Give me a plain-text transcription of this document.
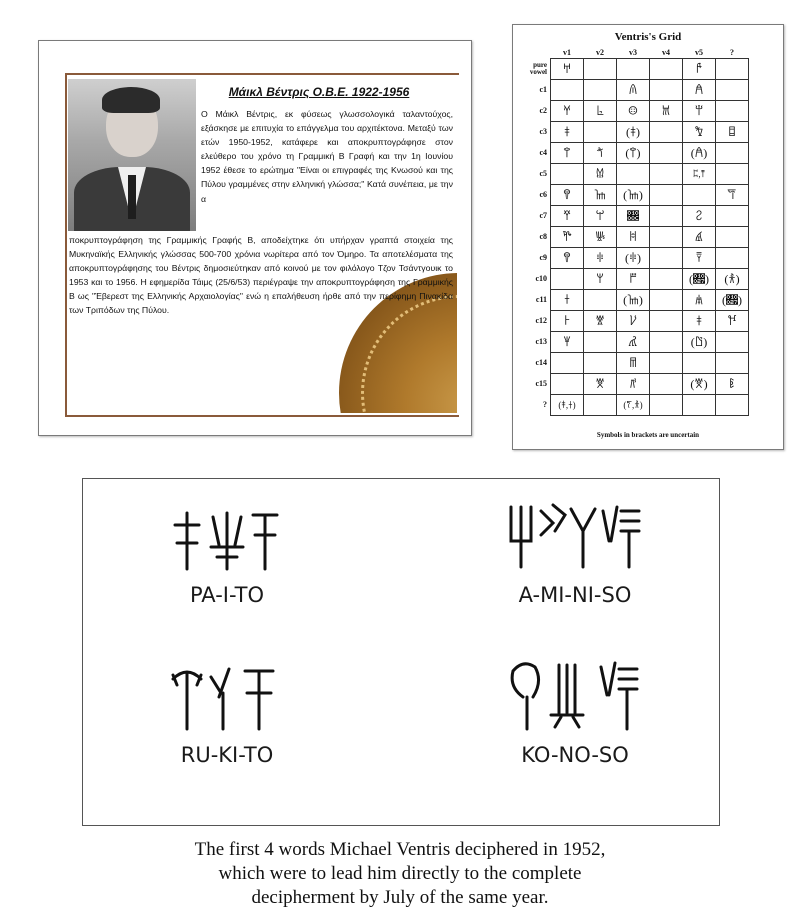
Μάικλ Βέντρις Ο.Β.Ε. 1922-1956
Ο Μάικλ Βέντρις, εκ φύσεως γλωσσολογικά ταλαντούχος, εξάσκησε με επιτυχία το επάγγελμα του αρχιτέκτονα. Μεταξύ των ετών 1950-1952, κατάφερε και αποκρυπτογράφησε στον ελεύθερο του χρόνο τη Γραμμική Β Γραφή και την 1η Ιουνίου 1952 έθεσε το ερώτημα "Είναι οι επιγραφές της Κνωσού και της Πύλου γραμμένες στην ελληνική γλώσσα;" Κατά συνέπεια, με την α
ποκρυπτογράφηση της Γραμμικής Γραφής Β, αποδείχτηκε ότι υπήρχαν γραπτά στοιχεία της Μυκηναϊκής Ελληνικής γλώσσας 500-700 χρόνια νωρίτερα από τον Όμηρο. Τα αποτελέσματα της αποκρυπτογράφησης του Βέντρις δημοσιεύτηκαν από κοινού με τον φιλόλογο Τζον Τσάντγουικ το 1953 και το 1956. Η εφημερίδα Τάιμς (25/6/53) περιέγραψε την αποκρυπτογράφηση της Γραμμικής Β ως "Έβερεστ της Ελληνικής Αρχαιολογίας" ενώ η επαλήθευση ήρθε από την περίφημη Πινακίδα των Τριπόδων της Πύλου.
Ventris's Grid
	v1	v2	v3	v4	v5	?
pure vowel	𐀀				𐀄	
c1			𐀴		𐀁	
c2	𐀭	𐀨	𐀤	𐀉	𐀚	
c3	𐀞		(𐀞)		𐀑	𐀊
c4	𐀣	𐀗	(𐀣)		(𐀁)	
c5		𐀔			𐀲,𐀵	
c6	𐀒	𐀎	(𐀎)			𐀥
c7	𐀛	𐀬	𐀌		𐀸	
c8	𐀕	𐀜	𐀝		𐀹	
c9	𐀒	𐀳	(𐀳)		𐀙	
c10		𐀩	𐀮		(𐀧)	(𐀪)
c11	𐀫		(𐀎)		𐀯	(𐀧)
c12	𐀅	𐀐	𐀖		𐀞	𐀘
c13	𐀂		𐀢		(𐀃)	
c14			𐀷			
c15		𐀆	𐀺		(𐀆)	𐀟
?	(𐀞,𐀫)		(𐀍,𐀪)			
Symbols in brackets are uncertain
PA-I-TO	A-MI-NI-SO
RU-KI-TO	KO-NO-SO
The first 4 words Michael Ventris deciphered in 1952,
which were to lead him directly to the complete
decipherment by July of the same year.
